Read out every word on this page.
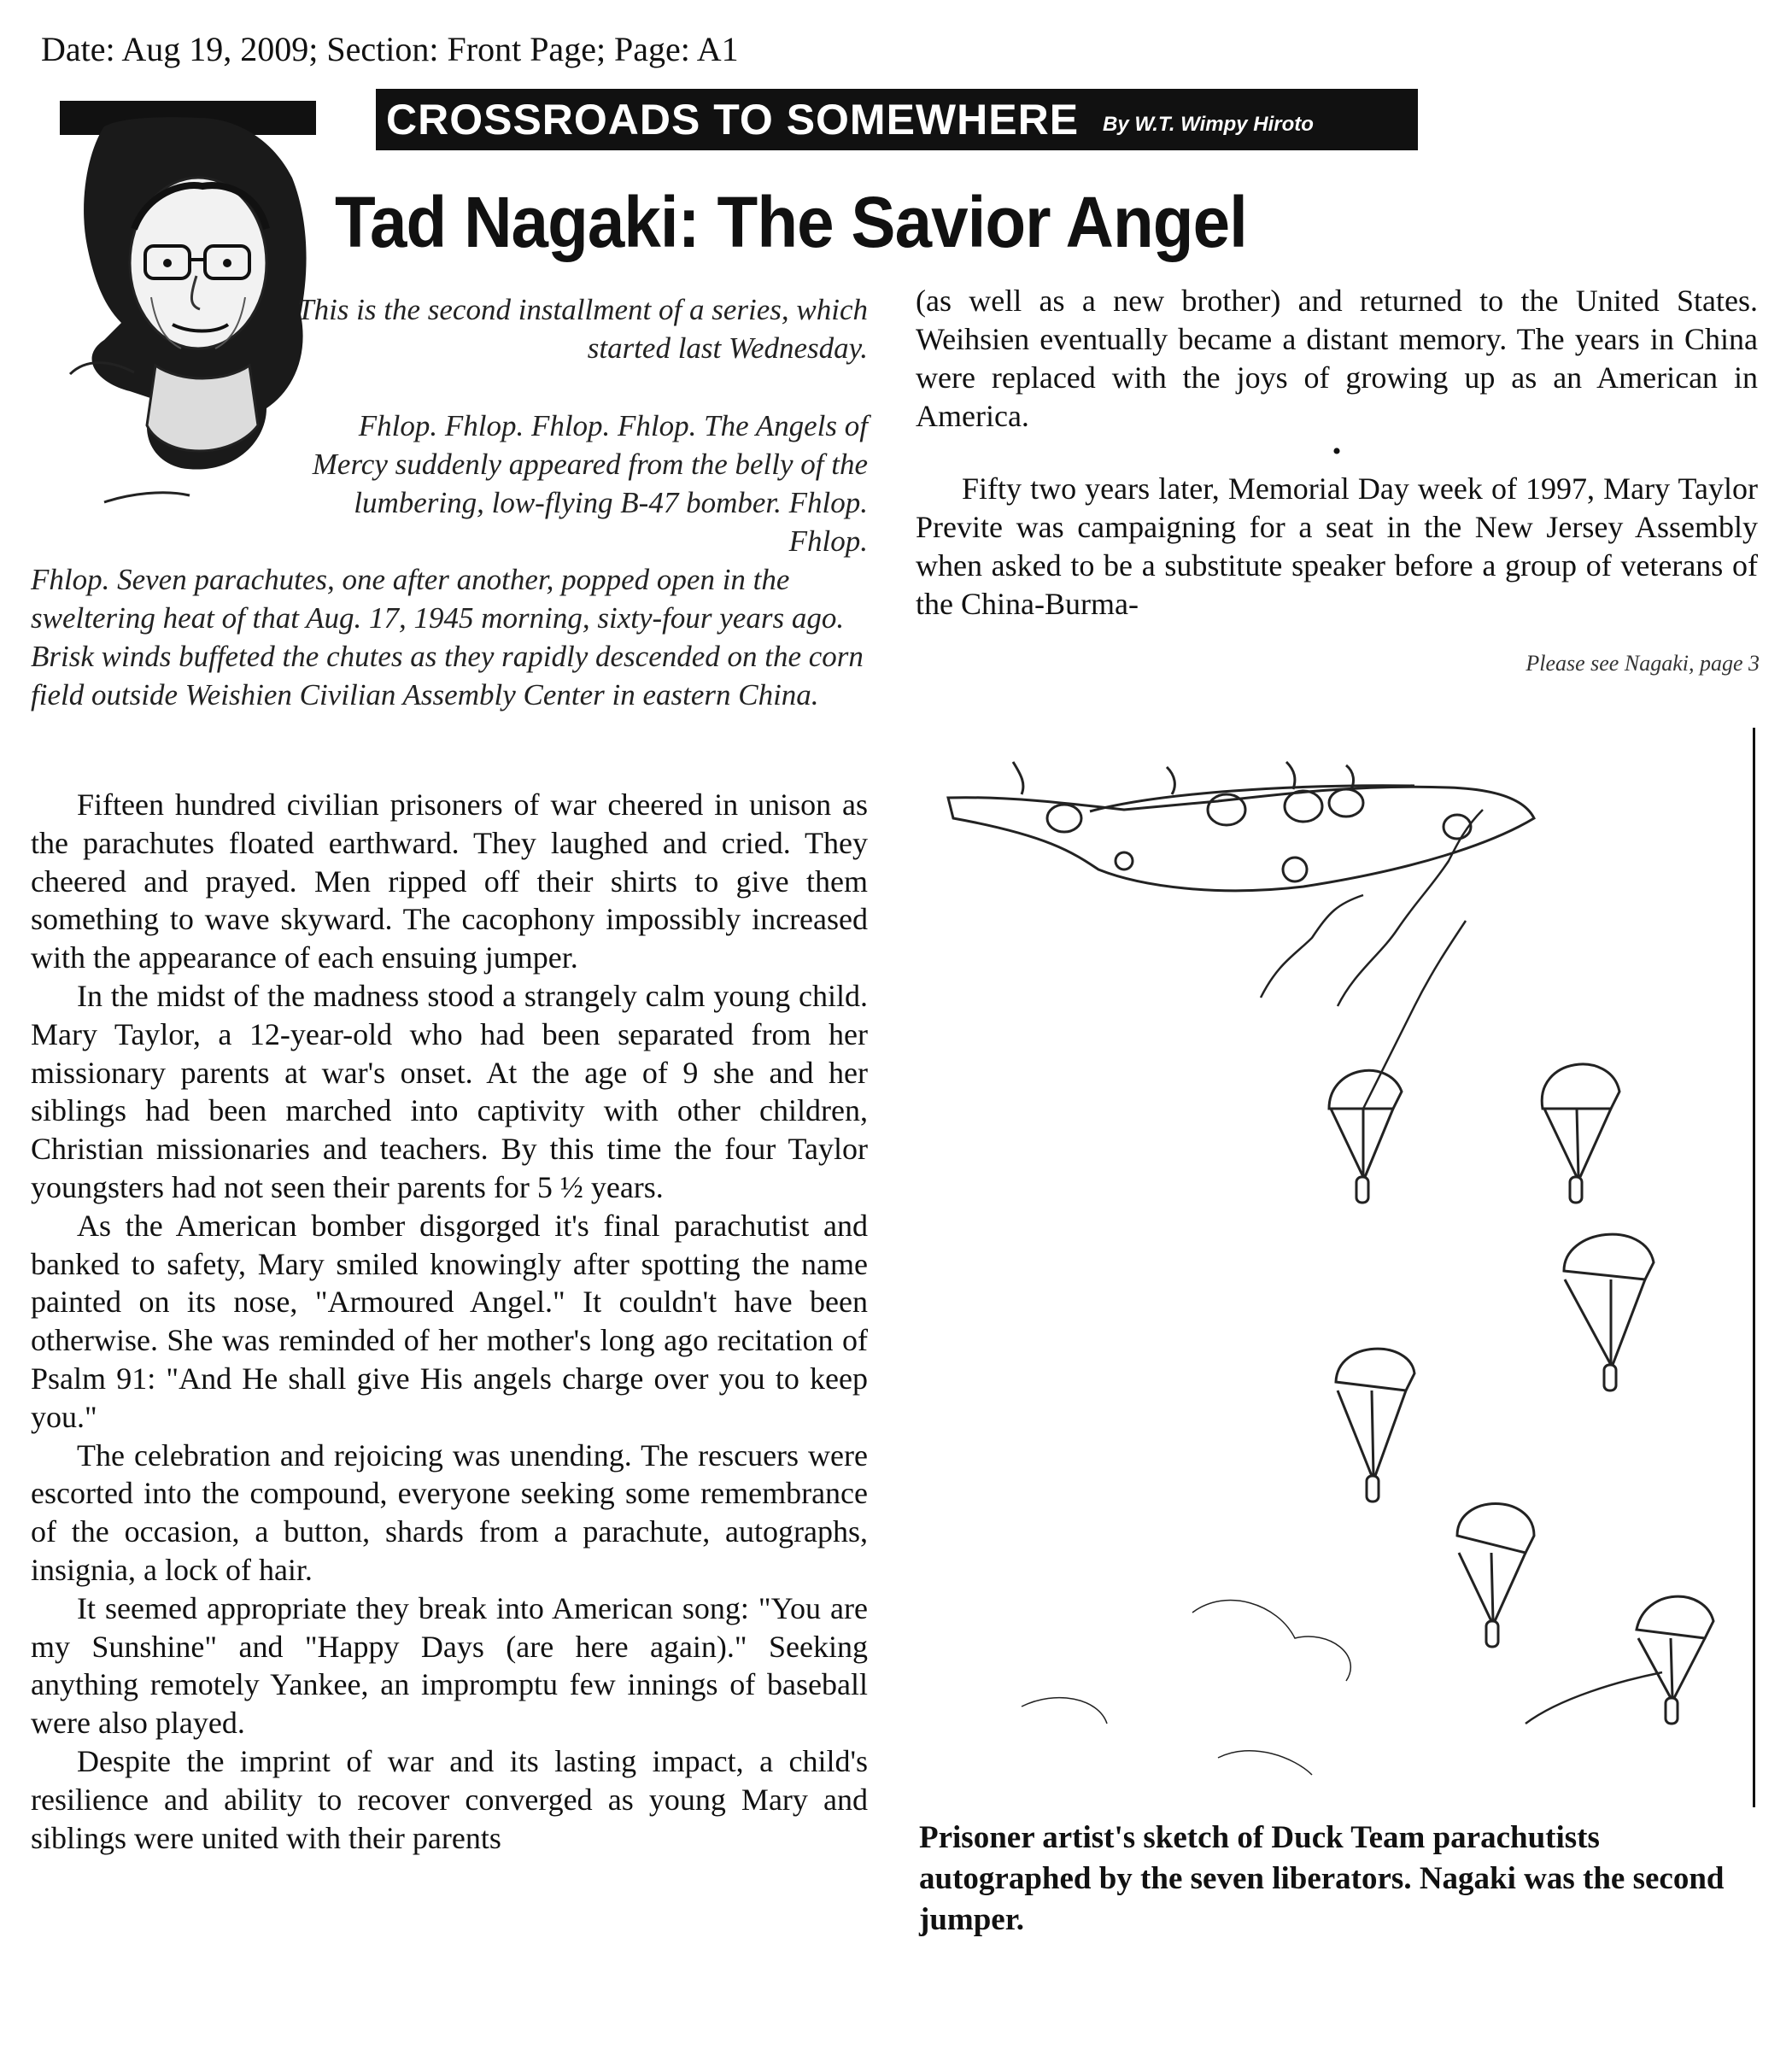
Date: Aug 19, 2009; Section: Front Page; Page: A1
CROSSROADS TO SOMEWHERE By W.T. Wimpy Hiroto
Tad Nagaki: The Savior Angel
This is the second installment of a series, which started last Wednesday.
Fhlop. Fhlop. Fhlop. Fhlop. The Angels of Mercy suddenly appeared from the belly of the lumbering, low-flying B-47 bomber. Fhlop. Fhlop.
Fhlop. Seven parachutes, one after another, popped open in the sweltering heat of that Aug. 17, 1945 morning, sixty-four years ago. Brisk winds buffeted the chutes as they rapidly descended on the corn field outside Weishien Civilian Assembly Center in eastern China.

Fifteen hundred civilian prisoners of war cheered in unison as the parachutes floated earthward. They laughed and cried. They cheered and prayed. Men ripped off their shirts to give them something to wave skyward. The cacophony impossibly increased with the appearance of each ensuing jumper.

In the midst of the madness stood a strangely calm young child. Mary Taylor, a 12-year-old who had been separated from her missionary parents at war's onset. At the age of 9 she and her siblings had been marched into captivity with other children, Christian missionaries and teachers. By this time the four Taylor youngsters had not seen their parents for 5 ½ years.

As the American bomber disgorged it's final parachutist and banked to safety, Mary smiled knowingly after spotting the name painted on its nose, "Armoured Angel." It couldn't have been otherwise. She was reminded of her mother's long ago recitation of Psalm 91: "And He shall give His angels charge over you to keep you."

The celebration and rejoicing was unending. The rescuers were escorted into the compound, everyone seeking some remembrance of the occasion, a button, shards from a parachute, autographs, insignia, a lock of hair.

It seemed appropriate they break into American song: "You are my Sunshine" and "Happy Days (are here again)." Seeking anything remotely Yankee, an impromptu few innings of baseball were also played.

Despite the imprint of war and its lasting impact, a child's resilience and ability to recover converged as young Mary and siblings were united with their parents

(as well as a new brother) and returned to the United States. Weihsien eventually became a distant memory. The years in China were replaced with the joys of growing up as an American in America.

•

Fifty two years later, Memorial Day week of 1997, Mary Taylor Previte was campaigning for a seat in the New Jersey Assembly when asked to be a substitute speaker before a group of veterans of the China-Burma-

Please see Nagaki, page 3
Prisoner artist's sketch of Duck Team parachutists autographed by the seven liberators. Nagaki was the second jumper.
